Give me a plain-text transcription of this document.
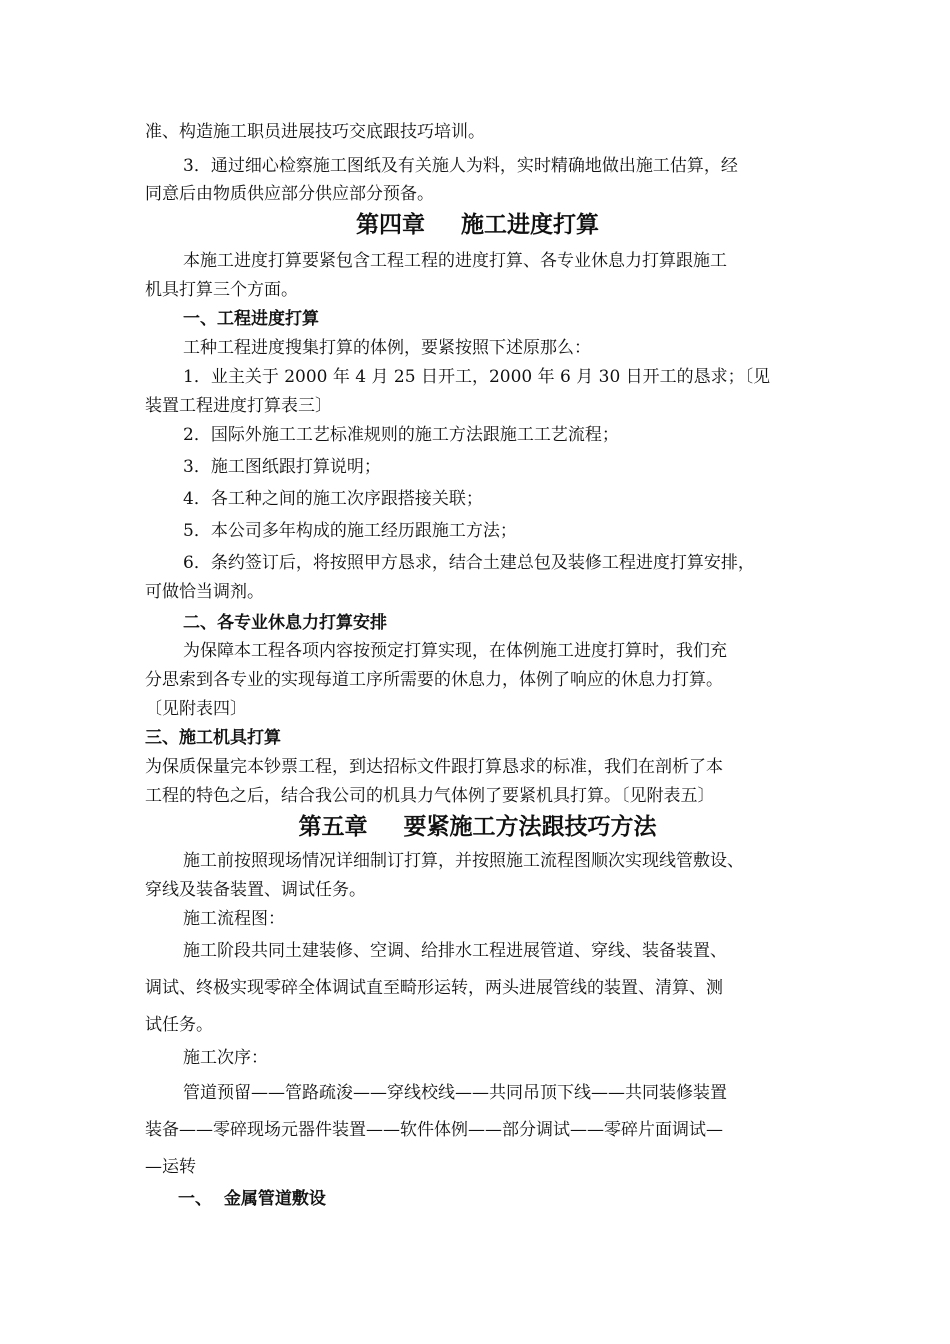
准、构造施工职员进展技巧交底跟技巧培训。
3．通过细心检察施工图纸及有关施人为料，实时精确地做出施工估算，经
同意后由物质供应部分供应部分预备。
第四章 施工进度打算
本施工进度打算要紧包含工程工程的进度打算、各专业休息力打算跟施工
机具打算三个方面。
一、工程进度打算
工种工程进度搜集打算的体例，要紧按照下述原那么：
1．业主关于 2000 年 4 月 25 日开工，2000 年 6 月 30 日开工的恳求；〔见
装置工程进度打算表三〕
2．国际外施工工艺标准规则的施工方法跟施工工艺流程；
3．施工图纸跟打算说明；
4．各工种之间的施工次序跟搭接关联；
5．本公司多年构成的施工经历跟施工方法；
6．条约签订后，将按照甲方恳求，结合土建总包及装修工程进度打算安排，
可做恰当调剂。
二、各专业休息力打算安排
为保障本工程各项内容按预定打算实现，在体例施工进度打算时，我们充
分思索到各专业的实现每道工序所需要的休息力，体例了响应的休息力打算。
〔见附表四〕
三、施工机具打算
为保质保量完本钞票工程，到达招标文件跟打算恳求的标准，我们在剖析了本
工程的特色之后，结合我公司的机具力气体例了要紧机具打算。〔见附表五〕
第五章 要紧施工方法跟技巧方法
施工前按照现场情况详细制订打算，并按照施工流程图顺次实现线管敷设、
穿线及装备装置、调试任务。
施工流程图：
施工阶段共同土建装修、空调、给排水工程进展管道、穿线、装备装置、
调试、终极实现零碎全体调试直至畸形运转，两头进展管线的装置、清算、测
试任务。
施工次序：
管道预留——管路疏浚——穿线校线——共同吊顶下线——共同装修装置
装备——零碎现场元器件装置——软件体例——部分调试——零碎片面调试—
—运转
一、  金属管道敷设
